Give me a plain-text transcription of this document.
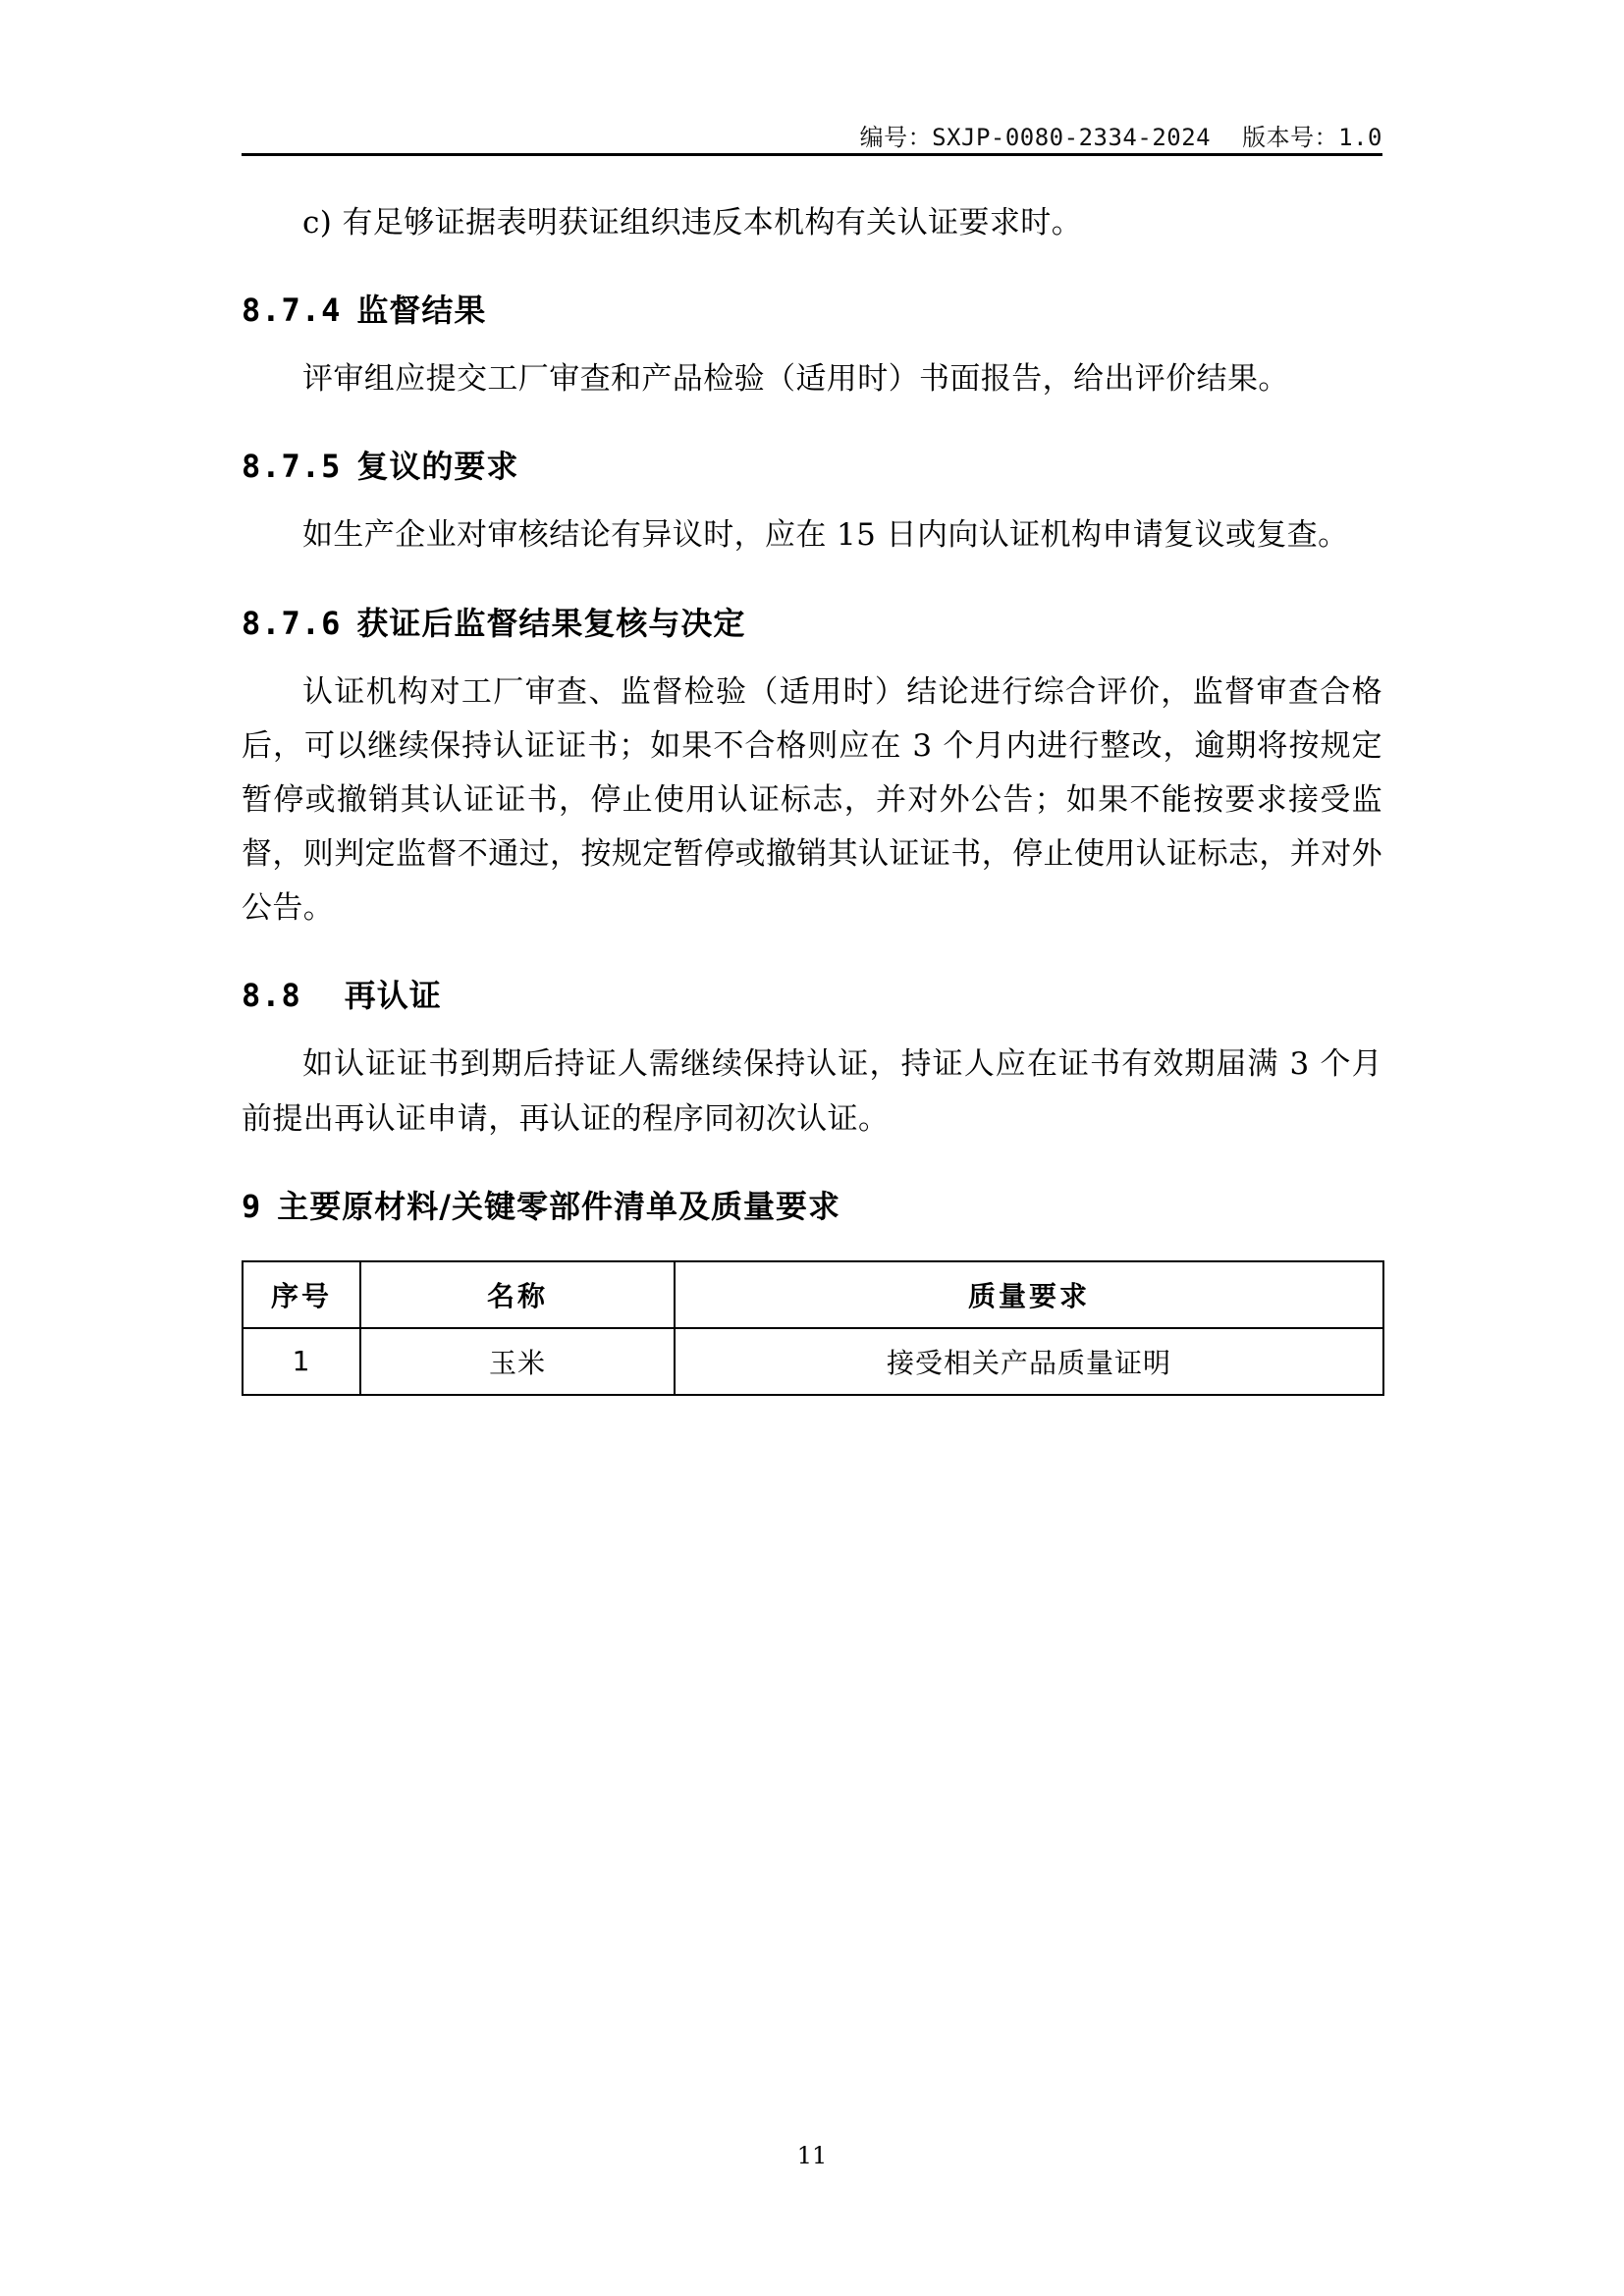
编号：SXJP-0080-2334-2024 版本号：1.0

c) 有足够证据表明获证组织违反本机构有关认证要求时。

8.7.4 监督结果

评审组应提交工厂审查和产品检验（适用时）书面报告，给出评价结果。

8.7.5 复议的要求

如生产企业对审核结论有异议时，应在 15 日内向认证机构申请复议或复查。

8.7.6 获证后监督结果复核与决定

认证机构对工厂审查、监督检验（适用时）结论进行综合评价，监督审查合格后，可以继续保持认证证书；如果不合格则应在 3 个月内进行整改，逾期将按规定暂停或撤销其认证证书，停止使用认证标志，并对外公告；如果不能按要求接受监督，则判定监督不通过，按规定暂停或撤销其认证证书，停止使用认证标志，并对外公告。

8.8 再认证

如认证证书到期后持证人需继续保持认证，持证人应在证书有效期届满 3 个月前提出再认证申请，再认证的程序同初次认证。

9 主要原材料/关键零部件清单及质量要求
序号	名称	质量要求
1	玉米	接受相关产品质量证明
11
